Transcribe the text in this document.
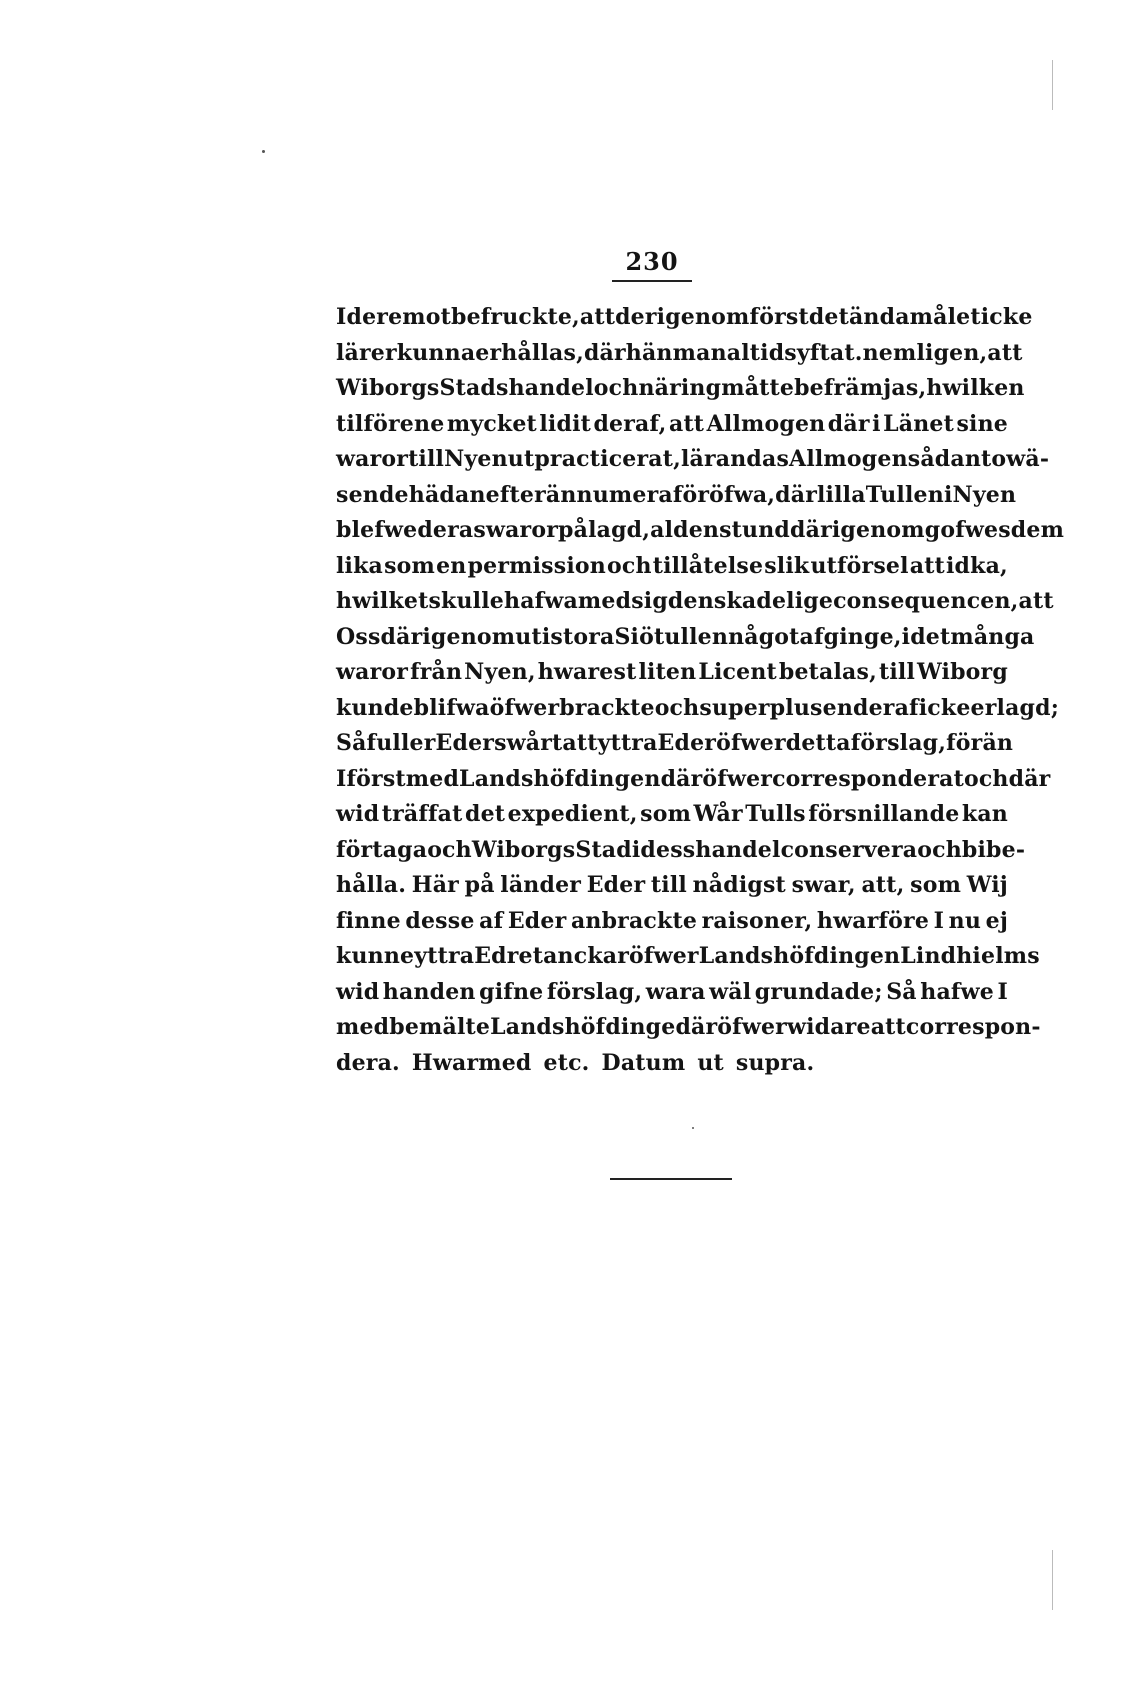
230
I deremot befruckte, att derigenom först det ändamålet icke
lärer kunna erhållas, där hän man altid syftat. nemligen, att
Wiborgs Stads handel och näring måtte befrämjas, hwilken
tilförene mycket lidit deraf, att Allmogen där i Länet sine
waror till Nyen utpracticerat, lärandas Allmogen sådant owä-
sende hädanefter ännu mera föröfwa, där lilla Tullen i Nyen
blefwe deras waror pålagd, aldenstund därigenom gofwes dem
lika som en permission och tillåtelse slik utförsel att idka,
hwilket skulle hafwa med sig den skadelige consequencen, att
Oss därigenom uti stora Siötullen något afginge, i det många
waror från Nyen, hwarest liten Licent betalas, till Wiborg
kunde blifwa öfwerbrackte och superplusen deraf icke erlagd;
Så fuller Eder swårt att yttra Eder öfwer detta förslag, förän
I först med Landshöfdingen däröfwer corresponderat och där
wid träffat det expedient, som Wår Tulls försnillande kan
förtaga och Wiborgs Stad i dess handel conservera och bibe-
hålla. Här på länder Eder till nådigst swar, att, som Wij
finne desse af Eder anbrackte raisoner, hwarföre I nu ej
kunne yttra Edre tanckar öfwer Landshöfdingen Lindhielms
wid handen gifne förslag, wara wäl grundade; Så hafwe I
med bemälte Landshöfdinge däröfwer widare att correspon-
dera. Hwarmed etc. Datum ut supra.
